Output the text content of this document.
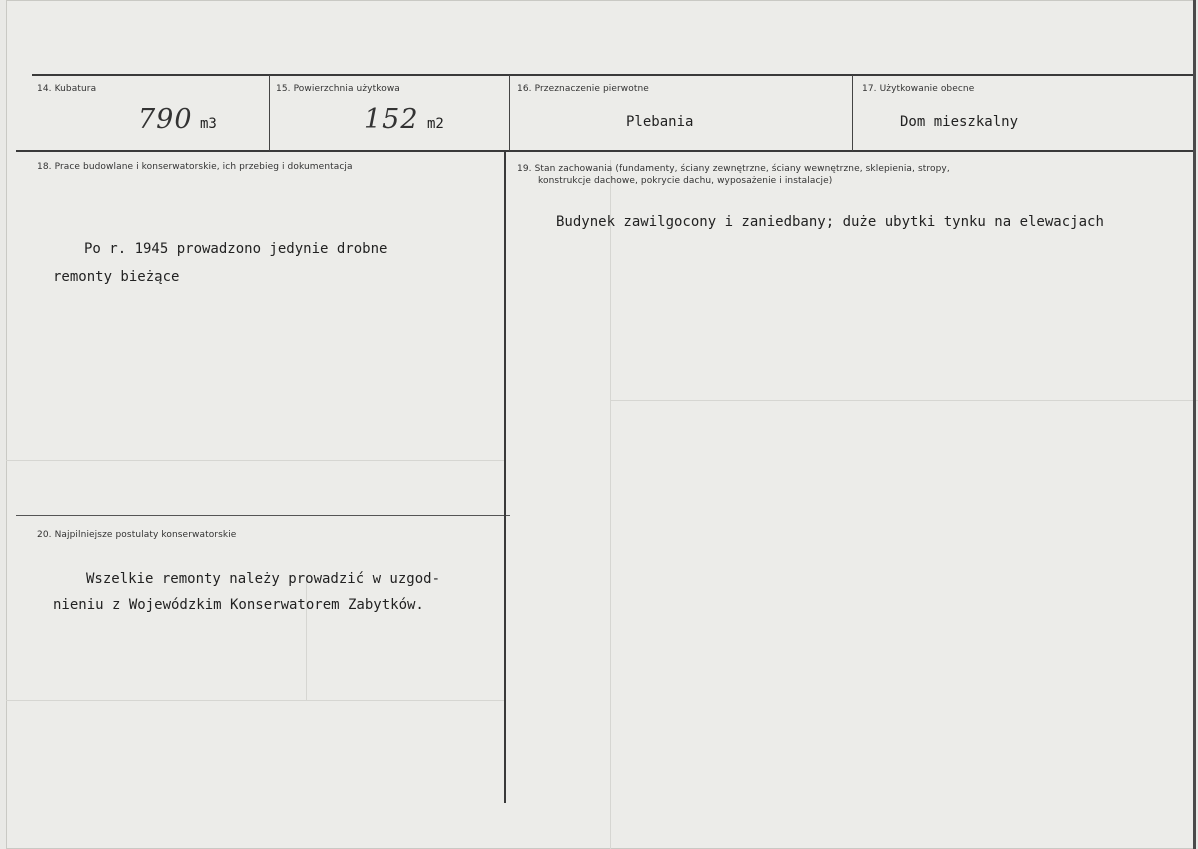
14. Kubatura
790 m3
15. Powierzchnia użytkowa
152 m2
16. Przeznaczenie pierwotne
Plebania
17. Użytkowanie obecne
Dom mieszkalny
18. Prace budowlane i konserwatorskie, ich przebieg i dokumentacja
Po r. 1945 prowadzono jedynie drobne
remonty bieżące
19. Stan zachowania (fundamenty, ściany zewnętrzne, ściany wewnętrzne, sklepienia, stropy,
konstrukcje dachowe, pokrycie dachu, wyposażenie i instalacje)
Budynek zawilgocony i zaniedbany; duże ubytki tynku na elewacjach
20. Najpilniejsze postulaty konserwatorskie
Wszelkie remonty należy prowadzić w uzgod-
nieniu z Wojewódzkim Konserwatorem Zabytków.
